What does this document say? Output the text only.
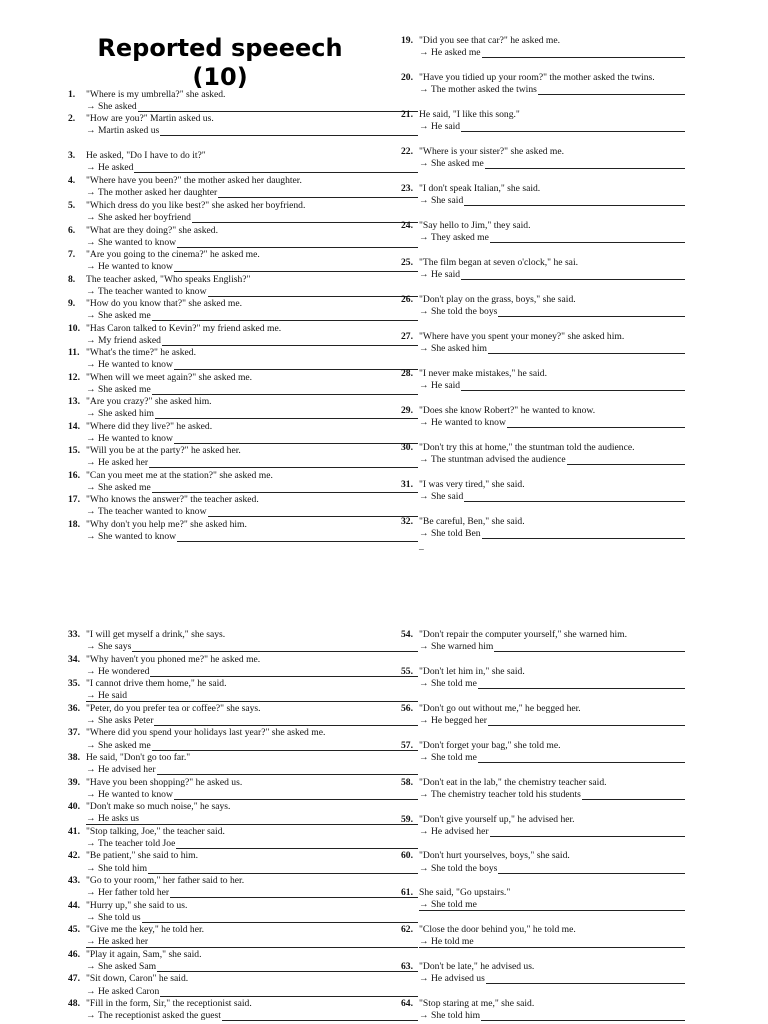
Reported speeech
(10)
1. "Where is my umbrella?" she asked.
→ She asked
2. "How are you?" Martin asked us.
→ Martin asked us
3. He asked, "Do I have to do it?"
→ He asked
4. "Where have you been?" the mother asked her daughter.
→ The mother asked her daughter
5. "Which dress do you like best?" she asked her boyfriend.
→ She asked her boyfriend
6. "What are they doing?" she asked.
→ She wanted to know
7. "Are you going to the cinema?" he asked me.
→ He wanted to know
8. The teacher asked, "Who speaks English?"
→ The teacher wanted to know
9. "How do you know that?" she asked me.
→ She asked me
10. "Has Caron talked to Kevin?" my friend asked me.
→ My friend asked
11. "What's the time?" he asked.
→ He wanted to know
12. "When will we meet again?" she asked me.
→ She asked me
13. "Are you crazy?" she asked him.
→ She asked him
14. "Where did they live?" he asked.
→ He wanted to know
15. "Will you be at the party?" he asked her.
→ He asked her
16. "Can you meet me at the station?" she asked me.
→ She asked me
17. "Who knows the answer?" the teacher asked.
→ The teacher wanted to know
18. "Why don't you help me?" she asked him.
→ She wanted to know
19. "Did you see that car?" he asked me.
→ He asked me
20. "Have you tidied up your room?" the mother asked the twins.
→ The mother asked the twins
21. He said, "I like this song."
→ He said
22. "Where is your sister?" she asked me.
→ She asked me
23. "I don't speak Italian," she said.
→ She said
24. "Say hello to Jim," they said.
→ They asked me
25. "The film began at seven o'clock," he sai.
→ He said
26. "Don't play on the grass, boys," she said.
→ She told the boys
27. "Where have you spent your money?" she asked him.
→ She asked him
28. "I never make mistakes," he said.
→ He said
29. "Does she know Robert?" he wanted to know.
→ He wanted to know
30. "Don't try this at home," the stuntman told the audience.
→ The stuntman advised the audience
31. "I was very tired," she said.
→ She said
32. "Be careful, Ben," she said.
→ She told Ben
33. "I will get myself a drink," she says.
→ She says
34. "Why haven't you phoned me?" he asked me.
→ He wondered
35. "I cannot drive them home," he said.
→ He said
36. "Peter, do you prefer tea or coffee?" she says.
→ She asks Peter
37. "Where did you spend your holidays last year?" she asked me.
→ She asked me
38. He said, "Don't go too far."
→ He advised her
39. "Have you been shopping?" he asked us.
→ He wanted to know
40. "Don't make so much noise," he says.
→ He asks us
41. "Stop talking, Joe," the teacher said.
→ The teacher told Joe
42. "Be patient," she said to him.
→ She told him
43. "Go to your room," her father said to her.
→ Her father told her
44. "Hurry up," she said to us.
→ She told us
45. "Give me the key," he told her.
→ He asked her
46. "Play it again, Sam," she said.
→ She asked Sam
47. "Sit down, Caron" he said.
→ He asked Caron
48. "Fill in the form, Sir," the receptionist said.
→ The receptionist asked the guest
54. "Don't repair the computer yourself," she warned him.
→ She warned him
55. "Don't let him in," she said.
→ She told me
56. "Don't go out without me," he begged her.
→ He begged her
57. "Don't forget your bag," she told me.
→ She told me
58. "Don't eat in the lab," the chemistry teacher said.
→ The chemistry teacher told his students
59. "Don't give yourself up," he advised her.
→ He advised her
60. "Don't hurt yourselves, boys," she said.
→ She told the boys
61. She said, "Go upstairs."
→ She told me
62. "Close the door behind you," he told me.
→ He told me
63. "Don't be late," he advised us.
→ He advised us
64. "Stop staring at me," she said.
→ She told him
–
